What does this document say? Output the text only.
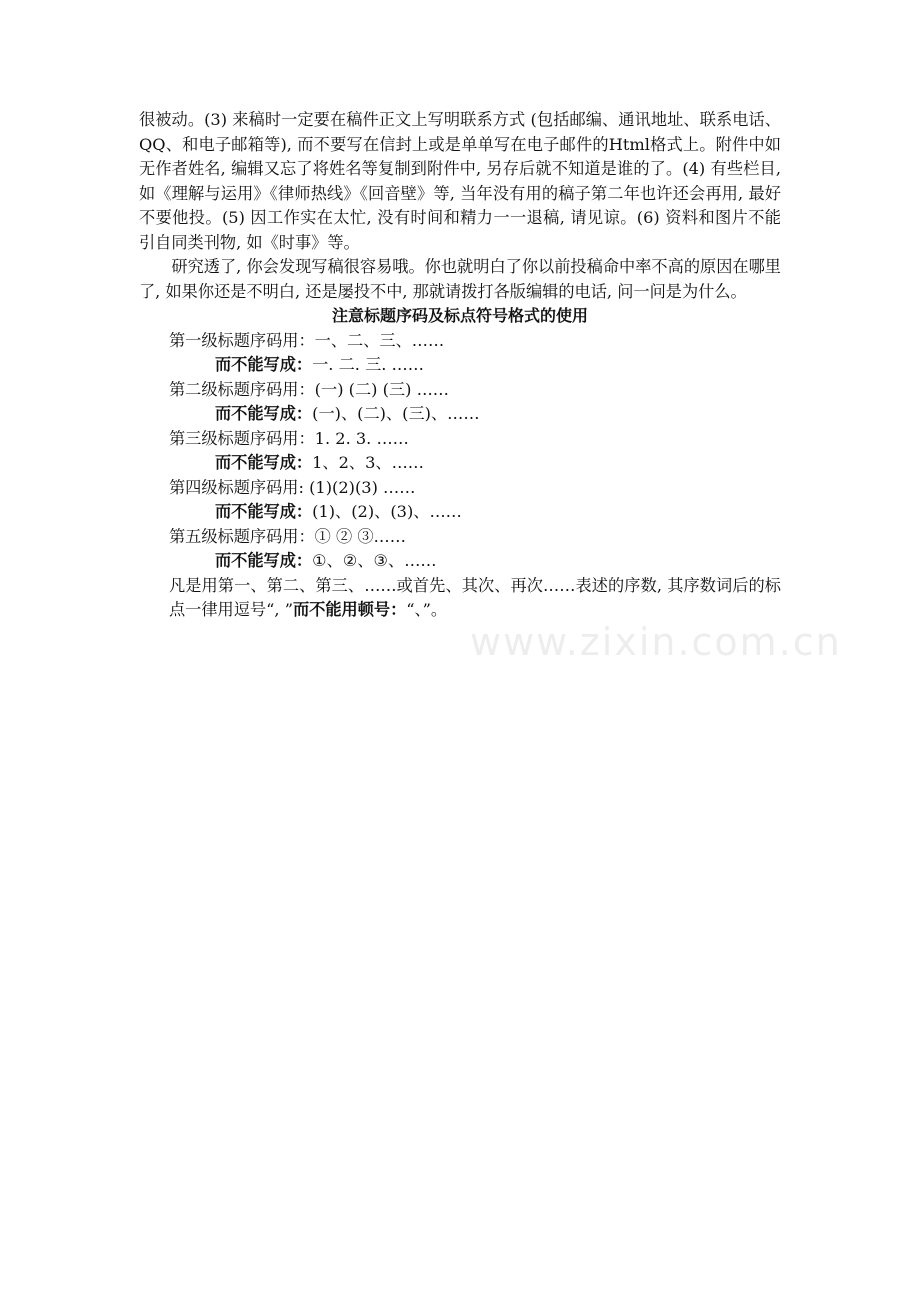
很被动。(3) 来稿时一定要在稿件正文上写明联系方式 (包括邮编、通讯地址、联系电话、QQ、和电子邮箱等), 而不要写在信封上或是单单写在电子邮件的Html格式上。附件中如无作者姓名, 编辑又忘了将姓名等复制到附件中, 另存后就不知道是谁的了。(4) 有些栏目, 如《理解与运用》《律师热线》《回音壁》等, 当年没有用的稿子第二年也许还会再用, 最好不要他投。(5) 因工作实在太忙, 没有时间和精力一一退稿, 请见谅。(6) 资料和图片不能引自同类刊物, 如《时事》等。

研究透了, 你会发现写稿很容易哦。你也就明白了你以前投稿命中率不高的原因在哪里了, 如果你还是不明白, 还是屡投不中, 那就请拨打各版编辑的电话, 问一问是为什么。

注意标题序码及标点符号格式的使用

第一级标题序码用：一、二、三、……

而不能写成：一. 二. 三. ……

第二级标题序码用：(一) (二) (三) ……

而不能写成：(一)、(二)、(三)、……

第三级标题序码用：1. 2. 3. ……

而不能写成：1、2、3、……

第四级标题序码用: (1)(2)(3) ……

而不能写成：(1)、(2)、(3)、……

第五级标题序码用：① ② ③……

而不能写成：①、②、③、……

凡是用第一、第二、第三、……或首先、其次、再次……表述的序数, 其序数词后的标点一律用逗号“, ”而不能用顿号：“、”。

www.zixin.com.cn
